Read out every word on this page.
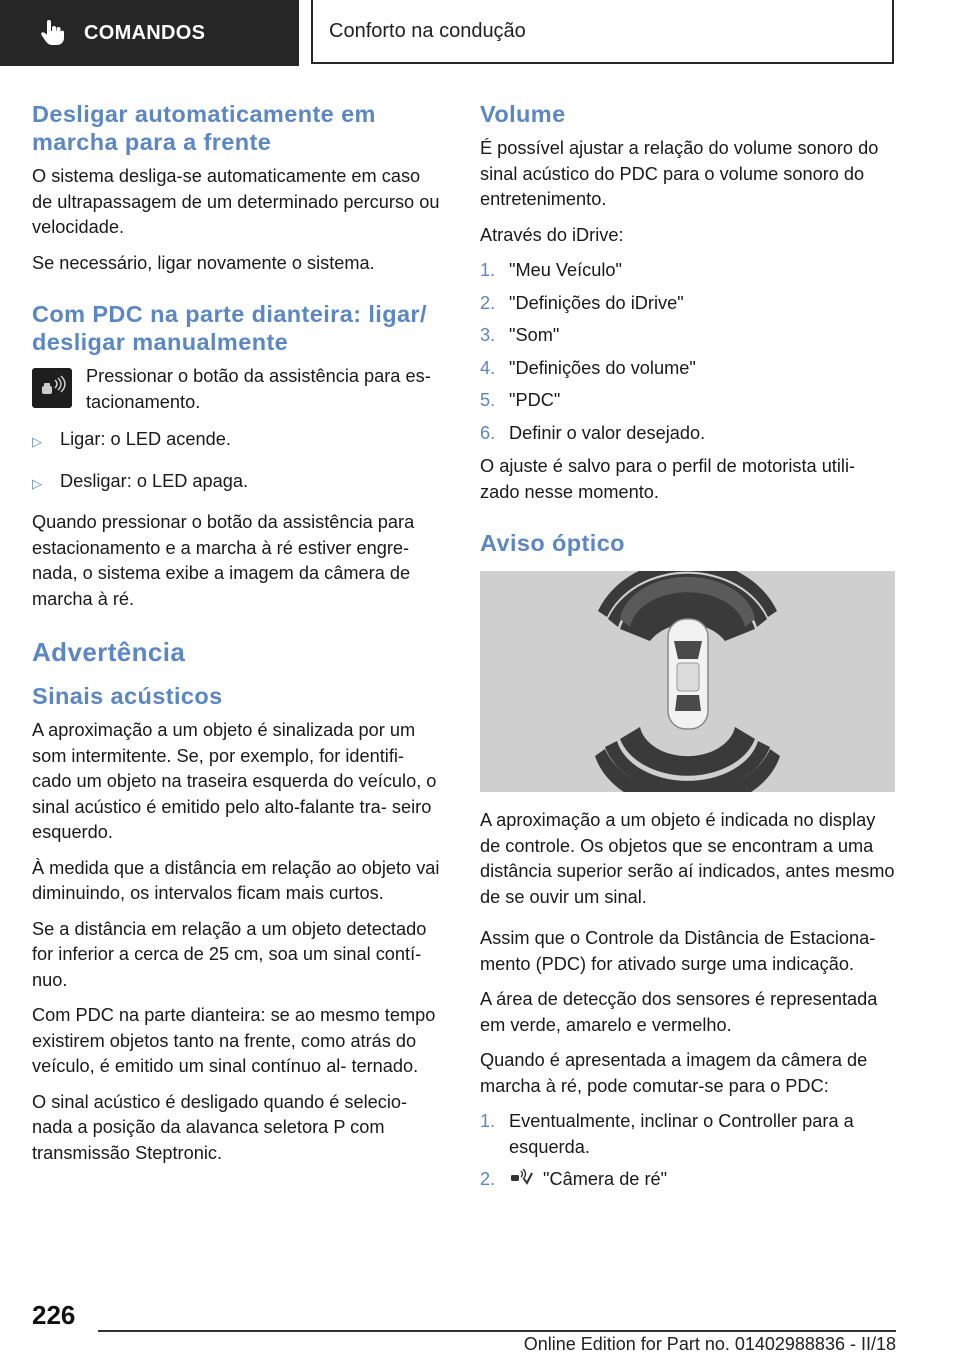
COMANDOS	Conforto na condução
Desligar automaticamente em marcha para a frente

O sistema desliga-se automaticamente em caso de ultrapassagem de um determinado percurso ou velocidade.

Se necessário, ligar novamente o sistema.

Com PDC na parte dianteira: ligar/ desligar manualmente

Pressionar o botão da assistência para es- tacionamento.

▷ Ligar: o LED acende.
▷ Desligar: o LED apaga.

Quando pressionar o botão da assistência para estacionamento e a marcha à ré estiver engre- nada, o sistema exibe a imagem da câmera de marcha à ré.

Advertência
Sinais acústicos

A aproximação a um objeto é sinalizada por um som intermitente. Se, por exemplo, for identifi- cado um objeto na traseira esquerda do veículo, o sinal acústico é emitido pelo alto-falante tra- seiro esquerdo.

À medida que a distância em relação ao objeto vai diminuindo, os intervalos ficam mais curtos.

Se a distância em relação a um objeto detectado for inferior a cerca de 25 cm, soa um sinal contí- nuo.

Com PDC na parte dianteira: se ao mesmo tempo existirem objetos tanto na frente, como atrás do veículo, é emitido um sinal contínuo al- ternado.

O sinal acústico é desligado quando é selecio- nada a posição da alavanca seletora P com transmissão Steptronic.

Volume

É possível ajustar a relação do volume sonoro do sinal acústico do PDC para o volume sonoro do entretenimento.

Através do iDrive:

1. "Meu Veículo"
2. "Definições do iDrive"
3. "Som"
4. "Definições do volume"
5. "PDC"
6. Definir o valor desejado.

O ajuste é salvo para o perfil de motorista utili- zado nesse momento.

Aviso óptico

A aproximação a um objeto é indicada no display de controle. Os objetos que se encontram a uma distância superior serão aí indicados, antes mesmo de se ouvir um sinal.

Assim que o Controle da Distância de Estaciona- mento (PDC) for ativado surge uma indicação.

A área de detecção dos sensores é representada em verde, amarelo e vermelho.

Quando é apresentada a imagem da câmera de marcha à ré, pode comutar-se para o PDC:

1. Eventualmente, inclinar o Controller para a esquerda.
2.	"Câmera de ré"
226
Online Edition for Part no. 01402988836 - II/18
